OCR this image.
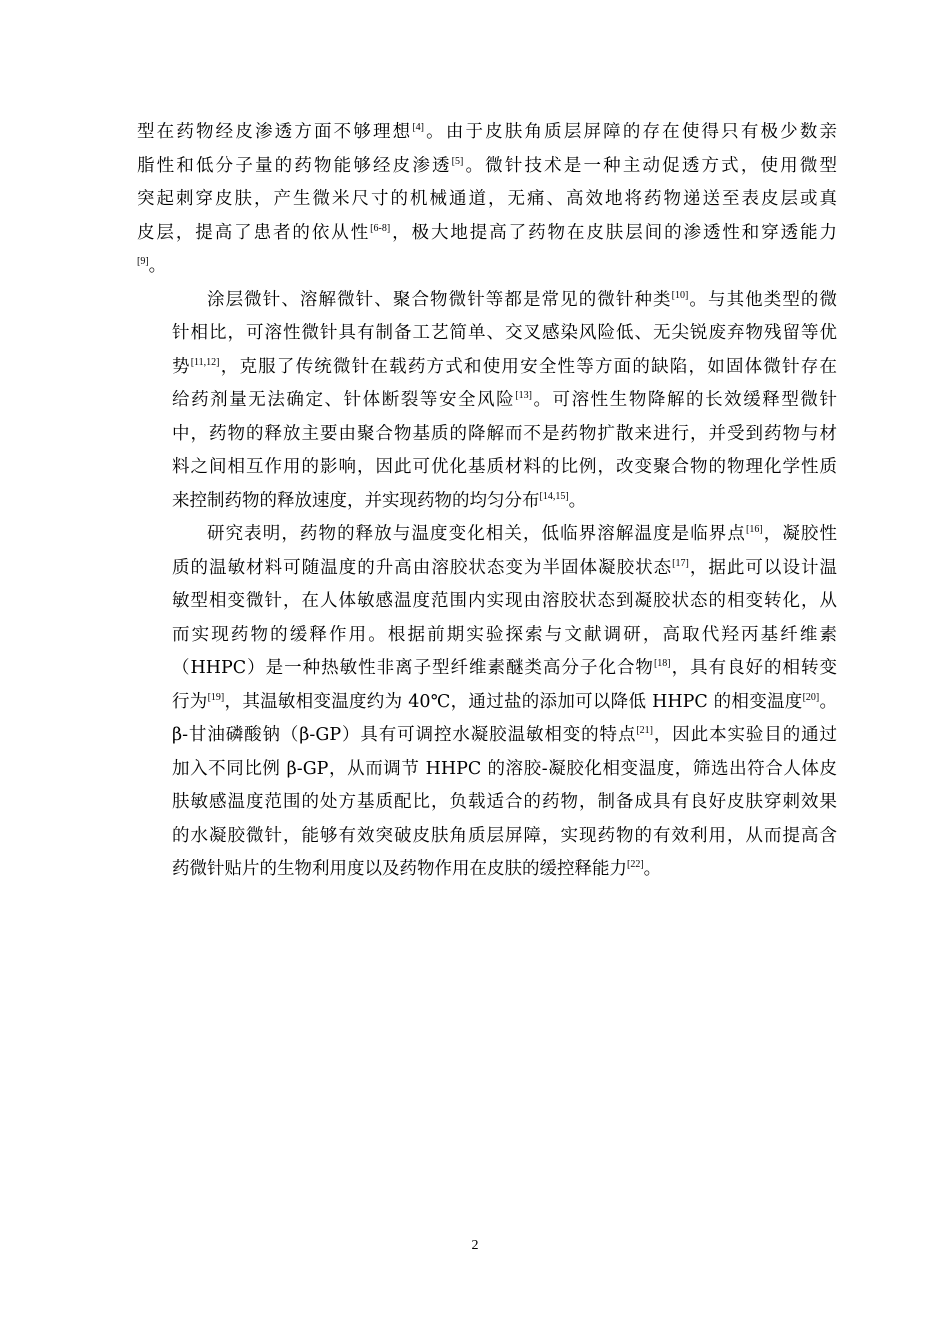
型在药物经皮渗透方面不够理想[4]。由于皮肤角质层屏障的存在使得只有极少数亲
脂性和低分子量的药物能够经皮渗透[5]。微针技术是一种主动促透方式，使用微型
突起刺穿皮肤，产生微米尺寸的机械通道，无痛、高效地将药物递送至表皮层或真
皮层，提高了患者的依从性[6-8]，极大地提高了药物在皮肤层间的渗透性和穿透能力
[9]。
涂层微针、溶解微针、聚合物微针等都是常见的微针种类[10]。与其他类型的微
针相比，可溶性微针具有制备工艺简单、交叉感染风险低、无尖锐废弃物残留等优
势[11,12]，克服了传统微针在载药方式和使用安全性等方面的缺陷，如固体微针存在
给药剂量无法确定、针体断裂等安全风险[13]。可溶性生物降解的长效缓释型微针
中，药物的释放主要由聚合物基质的降解而不是药物扩散来进行，并受到药物与材
料之间相互作用的影响，因此可优化基质材料的比例，改变聚合物的物理化学性质
来控制药物的释放速度，并实现药物的均匀分布[14,15]。
研究表明，药物的释放与温度变化相关，低临界溶解温度是临界点[16]，凝胶性
质的温敏材料可随温度的升高由溶胶状态变为半固体凝胶状态[17]，据此可以设计温
敏型相变微针，在人体敏感温度范围内实现由溶胶状态到凝胶状态的相变转化，从
而实现药物的缓释作用。根据前期实验探索与文献调研，高取代羟丙基纤维素
（HHPC）是一种热敏性非离子型纤维素醚类高分子化合物[18]，具有良好的相转变
行为[19]，其温敏相变温度约为 40℃，通过盐的添加可以降低 HHPC 的相变温度[20]。
β-甘油磷酸钠（β-GP）具有可调控水凝胶温敏相变的特点[21]，因此本实验目的通过
加入不同比例 β-GP，从而调节 HHPC 的溶胶-凝胶化相变温度，筛选出符合人体皮
肤敏感温度范围的处方基质配比，负载适合的药物，制备成具有良好皮肤穿刺效果
的水凝胶微针，能够有效突破皮肤角质层屏障，实现药物的有效利用，从而提高含
药微针贴片的生物利用度以及药物作用在皮肤的缓控释能力[22]。
2
